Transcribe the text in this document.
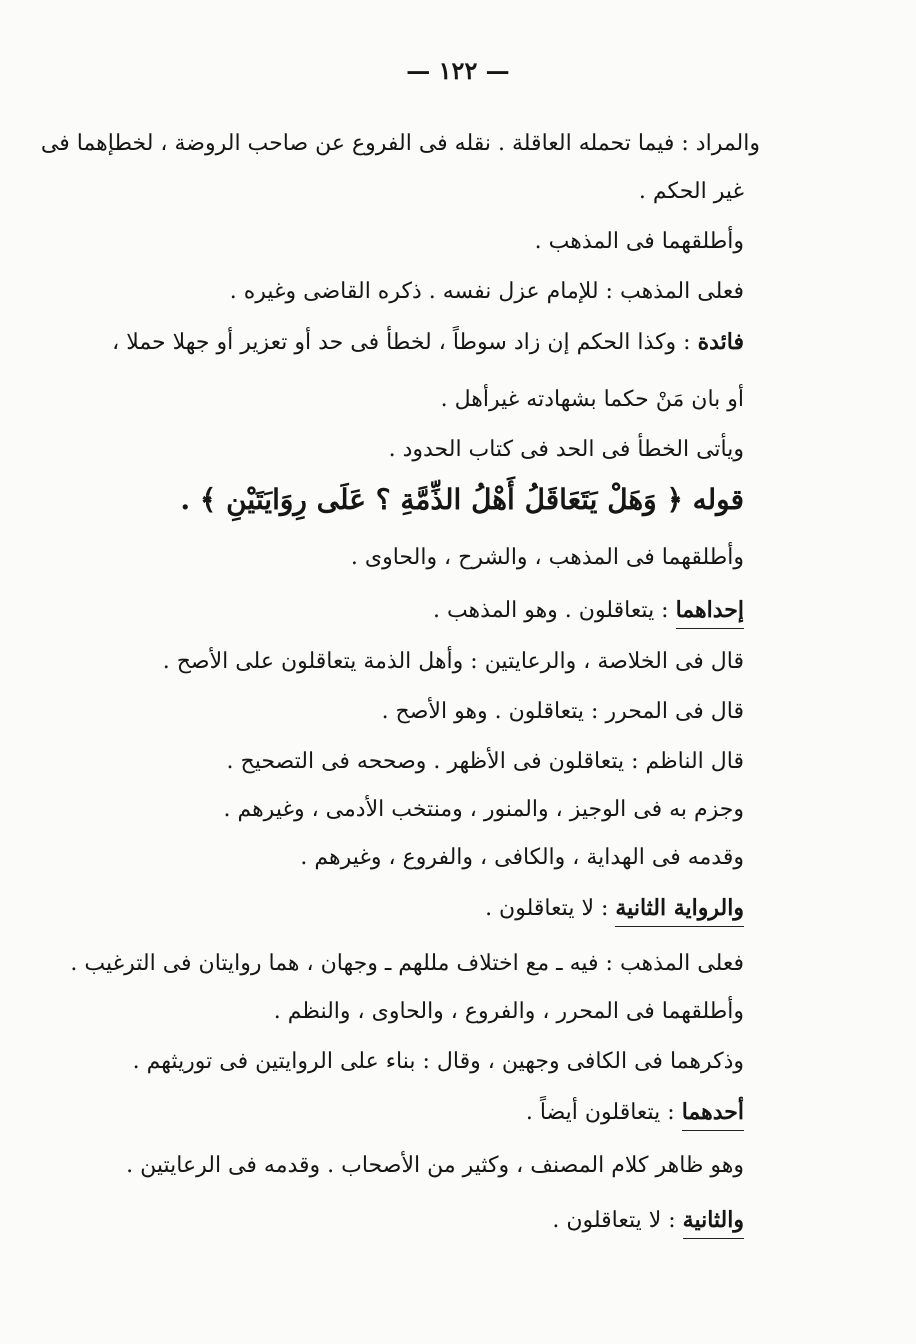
— ١٢٢ —
والمراد : فيما تحمله العاقلة . نقله فى الفروع عن صاحب الروضة ، لخطإهما فى
غير الحكم .
وأطلقهما فى المذهب .
فعلى المذهب : للإمام عزل نفسه . ذكره القاضى وغيره .
فائدة : وكذا الحكم إن زاد سوطاً ، لخطأ فى حد أو تعزير أو جهلا حملا ،
أو بان مَنْ حكما بشهادته غيرأهل .
ويأتى الخطأ فى الحد فى كتاب الحدود .
قوله ﴿ وَهَلْ يَتَعَاقَلُ أَهْلُ الذِّمَّةِ ؟ عَلَى رِوَايَتَيْنِ ﴾ .
وأطلقهما فى المذهب ، والشرح ، والحاوى .
إحداهما : يتعاقلون . وهو المذهب .
قال فى الخلاصة ، والرعايتين : وأهل الذمة يتعاقلون على الأصح .
قال فى المحرر : يتعاقلون . وهو الأصح .
قال الناظم : يتعاقلون فى الأظهر . وصححه فى التصحيح .
وجزم به فى الوجيز ، والمنور ، ومنتخب الأدمى ، وغيرهم .
وقدمه فى الهداية ، والكافى ، والفروع ، وغيرهم .
والرواية الثانية : لا يتعاقلون .
فعلى المذهب : فيه ـ مع اختلاف مللهم ـ وجهان ، هما روايتان فى الترغيب .
وأطلقهما فى المحرر ، والفروع ، والحاوى ، والنظم .
وذكرهما فى الكافى وجهين ، وقال : بناء على الروايتين فى توريثهم .
أحدهما : يتعاقلون أيضاً .
وهو ظاهر كلام المصنف ، وكثير من الأصحاب . وقدمه فى الرعايتين .
والثانية : لا يتعاقلون .
